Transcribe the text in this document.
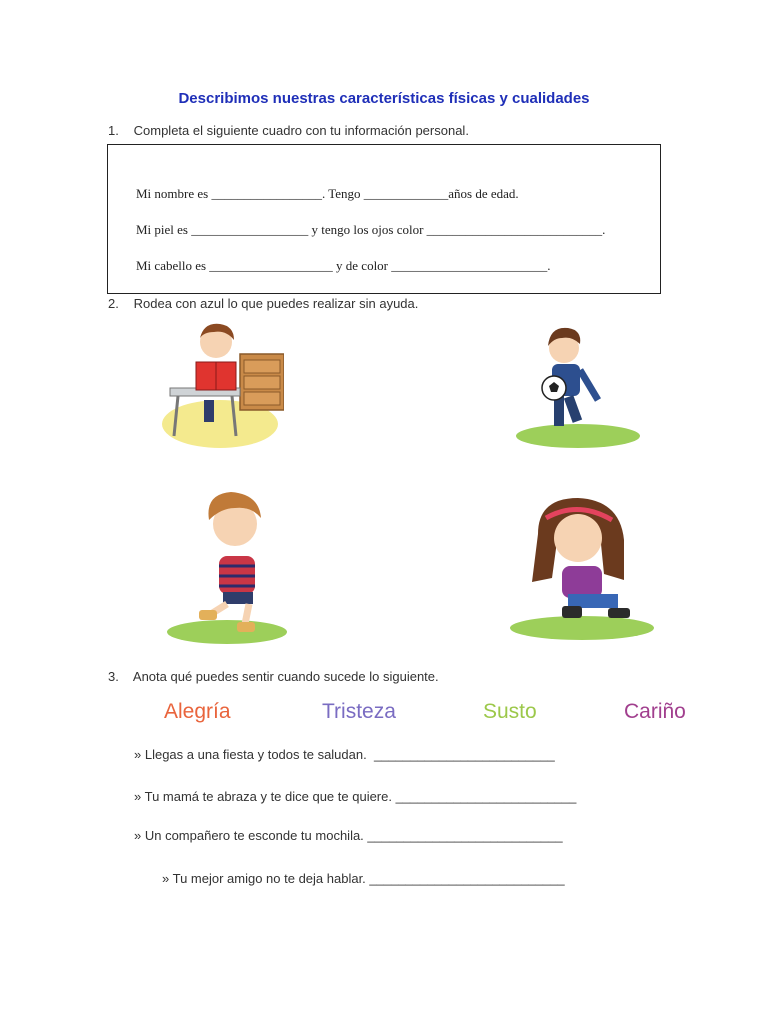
Describimos nuestras características físicas y cualidades
1. Completa el siguiente cuadro con tu información personal.
Mi nombre es _________________. Tengo _____________años de edad.
Mi piel es __________________ y tengo los ojos color ___________________________.
Mi cabello es ___________________ y de color ________________________.
2. Rodea con azul lo que puedes realizar sin ayuda.
3. Anota qué puedes sentir cuando sucede lo siguiente.
Alegría	Tristeza	Susto	Cariño
» Llegas a una fiesta y todos te saludan.  _________________________
» Tu mamá te abraza y te dice que te quiere. _________________________
» Un compañero te esconde tu mochila. ___________________________
» Tu mejor amigo no te deja hablar. ___________________________
